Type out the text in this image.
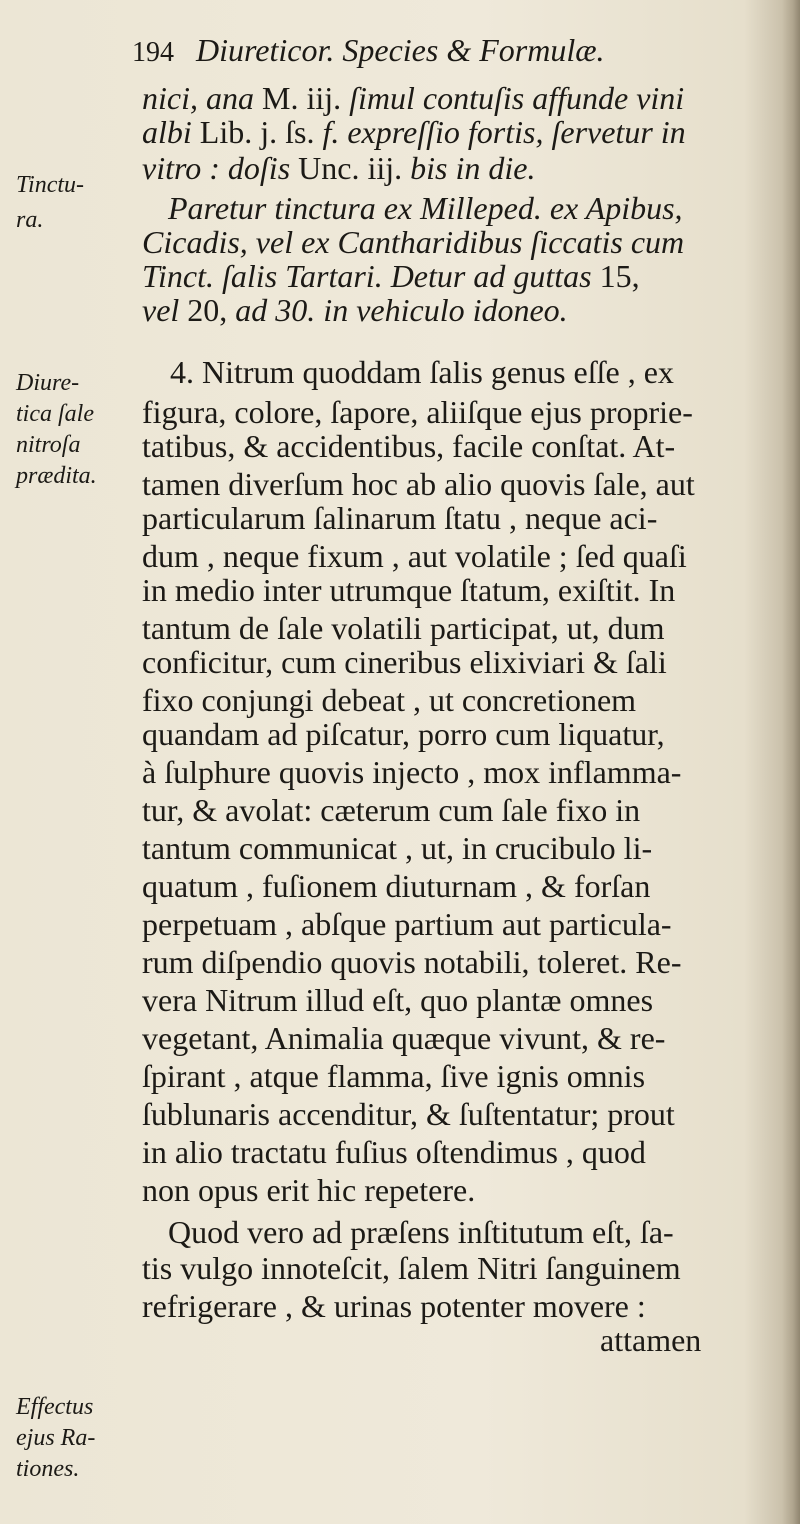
194 Diureticor. Species & Formulæ.
Tinctu-
ra.
Diure-
tica ſale
nitroſa
prædita.
Effectus
ejus Ra-
tiones.
nici, ana M. iij. ſimul contuſis affunde vini
albi Lib. j. ſs. f. expreſſio fortis, ſervetur in
vitro : doſis Unc. iij. bis in die.
Paretur tinctura ex Milleped. ex Apibus,
Cicadis, vel ex Cantharidibus ſiccatis cum
Tinct. ſalis Tartari. Detur ad guttas 15,
vel 20, ad 30. in vehiculo idoneo.
4. Nitrum quoddam ſalis genus eſſe , ex
figura, colore, ſapore, aliiſque ejus proprie-
tatibus, & accidentibus, facile conſtat. At-
tamen diverſum hoc ab alio quovis ſale, aut
particularum ſalinarum ſtatu , neque aci-
dum , neque fixum , aut volatile ; ſed quaſi
in medio inter utrumque ſtatum, exiſtit. In
tantum de ſale volatili participat, ut, dum
conficitur, cum cineribus elixiviari & ſali
fixo conjungi debeat , ut concretionem
quandam ad piſcatur, porro cum liquatur,
à ſulphure quovis injecto , mox inflamma-
tur, & avolat: cæterum cum ſale fixo in
tantum communicat , ut, in crucibulo li-
quatum , fuſionem diuturnam , & forſan
perpetuam , abſque partium aut particula-
rum diſpendio quovis notabili, toleret. Re-
vera Nitrum illud eſt, quo plantæ omnes
vegetant, Animalia quæque vivunt, & re-
ſpirant , atque flamma, ſive ignis omnis
ſublunaris accenditur, & ſuſtentatur; prout
in alio tractatu fuſius oſtendimus , quod
non opus erit hic repetere.
Quod vero ad præſens inſtitutum eſt, ſa-
tis vulgo innoteſcit, ſalem Nitri ſanguinem
refrigerare , & urinas potenter movere :
attamen
